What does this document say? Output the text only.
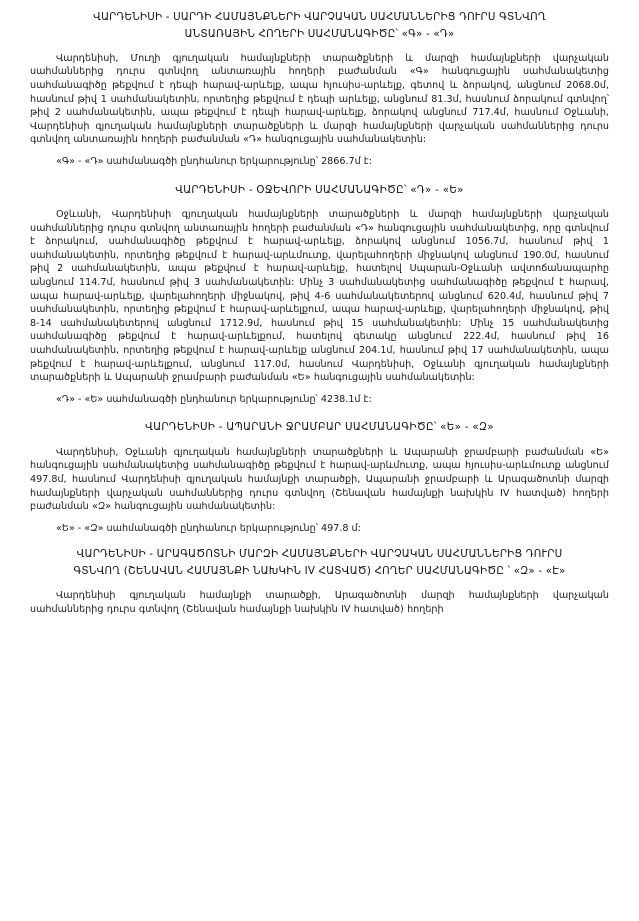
ՎԱՐԴԵՆԻՍԻ - ՍԱՐԴԻ ՀԱՄԱՅՆՔՆԵՐԻ ՎԱՐՉԱԿԱՆ ՍԱՀՄԱՆՆԵՐԻՑ ԴՈՒՐՍ ԳՏՆՎՈՂ
ԱՆՏԱՌԱՅԻՆ ՀՈՂԵՐԻ ՍԱՀՄԱՆԱԳԻԾԸ՝ «Գ» - «Դ»

Վարդենիսի, Մուղի գյուղական համայնքների տարածքների և մարզի համայնքների վարչական սահմաններից դուրս գտնվող անտառային հողերի բաժանման «Գ» հանգուցային սահմանակետից սահմանագիծը թեքվում է դեպի հարավ-արևելք, ապա հյուսիս-արևելք, գետով և ձորակով, անցնում 2068.0մ, հասնում թիվ 1 սահմանակետին, որտեղից թեքվում է դեպի արևելք, անցնում 81.3մ, հասնում ձորակում գտնվող՝ թիվ 2 սահմանակետին, ապա թեքվում է դեպի հարավ-արևելք, ձորակով անցնում 717.4մ, հասնում Օջևանի, Վարդենիսի գյուղական համայնքների տարածքների և մարզի համայնքների վարչական սահմաններից դուրս գտնվող անտառային հողերի բաժանման «Դ» հանգուցային սահմանակետին:

«Գ» - «Դ» սահմանագծի ընդհանուր երկարությունը՝ 2866.7մ է:

ՎԱՐԴԵՆԻՍԻ - ՕՋԵՎՈՐԻ ՍԱՀՄԱՆԱԳԻԾԸ՝ «Դ» - «Ե»

Օջևանի, Վարդենիսի գյուղական համայնքների տարածքների և մարզի համայնքների վարչական սահմաններից դուրս գտնվող անտառային հողերի բաժանման «Դ» հանգուցային սահմանակետից, որը գտնվում է ձորակում, սահմանագիծը թեքվում է հարավ-արևելք, ձորակով անցնում 1056.7մ, հասնում թիվ 1 սահմանակետին, որտեղից թեքվում է հարավ-արևմուտք, վարելահողերի միջնակով անցնում 190.0մ, հասնում թիվ 2 սահմանակետին, ապա թեքվում է հարավ-արևելք, հատելով Սպարան-Օջևանի ավտոճանապարհը անցնում 114.7մ, հասնում թիվ 3 սահմանակետին: Մինչ 3 սահմանակետից սահմանագիծը թեքվում է հարավ, ապա հարավ-արևելք, վարելահողերի միջնակով, թիվ 4-6 սահմանակետերով անցնում 620.4մ, հասնում թիվ 7 սահմանակետին, որտեղից թեքվում է հարավ-արևելքում, ապա հարավ-արևելք, վարելահողերի միջնակով, թիվ 8-14 սահմանակետերով անցնում 1712.9մ, հասնում թիվ 15 սահմանակետին: Մինչ 15 սահմանակետից սահմանագիծը թեքվում է հարավ-արևելքում, հատելով գետակը անցնում 222.4մ, հասնում թիվ 16 սահմանակետին, որտեղից թեքվում է հարավ-արևելք անցնում 204.1մ, հասնում թիվ 17 սահմանակետին, ապա թեքվում է հարավ-արևելքում, անցնում 117.0մ, հասնում Վարդենիսի, Օջևանի գյուղական համայնքների տարածքների և Ապարանի ջրամբարի բաժանման «Ե» հանգուցային սահմանակետին:

«Դ» - «Ե» սահմանագծի ընդհանուր երկարությունը՝ 4238.1մ է:

ՎԱՐԴԵՆԻՍԻ - ԱՊԱՐԱՆԻ ՋՐԱՄԲԱՐ ՍԱՀՄԱՆԱԳԻԾԸ՝ «Ե» - «Զ»

Վարդենիսի, Օջևանի գյուղական համայնքների տարածքների և Ապարանի ջրամբարի բաժանման «Ե» հանգուցային սահմանակետից սահմանագիծը թեքվում է հարավ-արևմուտք, ապա հյուսիս-արևմուտք անցնում 497.8մ, հասնում Վարդենիսի գյուղական համայնքի տարածքի, Ապարանի ջրամբարի և Արագածոտնի մարզի համայնքների վարչական սահմաններից դուրս գտնվող (Շենավան համայնքի նախկին IV հատված) հողերի բաժանման «Զ» հանգուցային սահմանակետին:

«Ե» - «Զ» սահմանագծի ընդհանուր երկարությունը՝ 497.8 մ:

ՎԱՐԴԵՆԻՍԻ - ԱՐԱԳԱԾՈՏՆԻ ՄԱՐԶԻ ՀԱՄԱՅՆՔՆԵՐԻ ՎԱՐՉԱԿԱՆ ՍԱՀՄԱՆՆԵՐԻՑ ԴՈՒՐՍ
ԳՏՆՎՈՂ (ՇԵՆԱՎԱՆ ՀԱՄԱՅՆՔԻ ՆԱԽԿԻՆ IV ՀԱՏՎԱԾ) ՀՈՂԵՐ ՍԱՀՄԱՆԱԳԻԾԸ ՝ «Զ» - «Է»

Վարդենիսի գյուղական համայնքի տարածքի, Արագածոտնի մարզի համայնքների վարչական սահմաններից դուրս գտնվող (Շենավան համայնքի նախկին IV հատված) հողերի
